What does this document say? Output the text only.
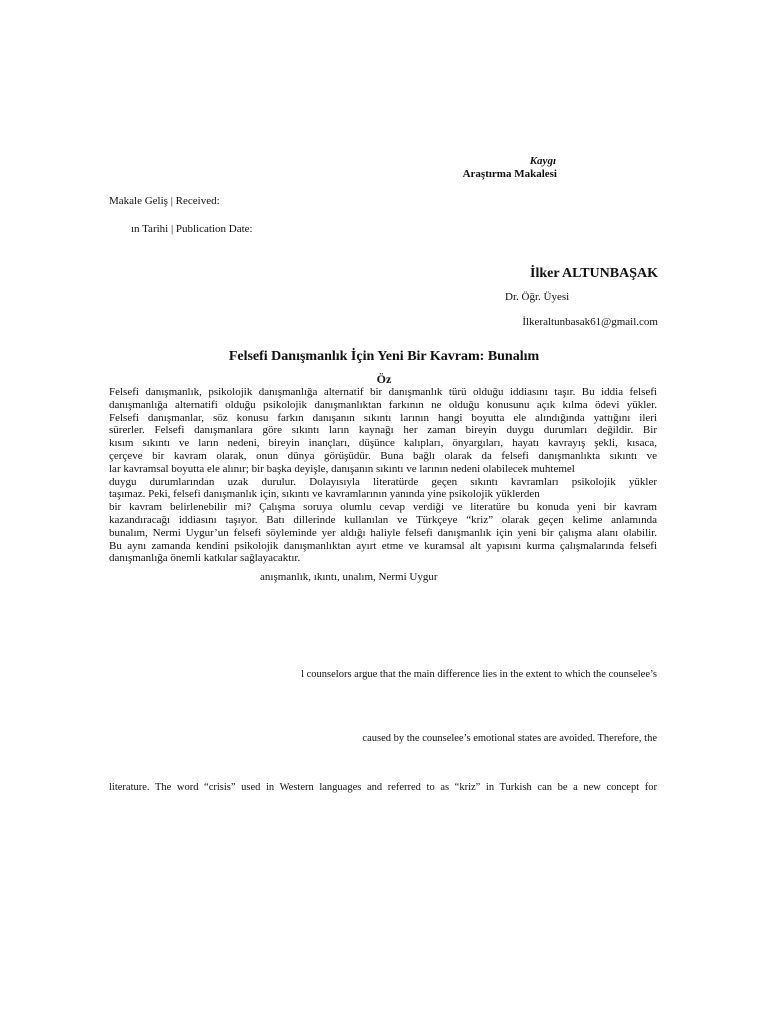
Kaygı
Araştırma Makalesi
Makale Geliş | Received:
ın Tarihi | Publication Date:
İlker ALTUNBAŞAK
Dr. Öğr. Üyesi
İlkeraltunbasak61@gmail.com
Felsefi Danışmanlık İçin Yeni Bir Kavram: Bunalım
Öz
Felsefi danışmanlık, psikolojik danışmanlığa alternatif bir danışmanlık türü olduğu iddiasını taşır. Bu iddia felsefi
danışmanlığa alternatifi olduğu psikolojik danışmanlıktan farkının ne olduğu konusunu açık kılma ödevi yükler.
Felsefi danışmanlar, söz konusu farkın danışanın sıkıntı larının hangi boyutta ele alındığında yattığını ileri
sürerler. Felsefi danışmanlara göre sıkıntı ların kaynağı her zaman bireyin duygu durumları değildir. Bir
kısım sıkıntı ve ların nedeni, bireyin inançları, düşünce kalıpları, önyargıları, hayatı kavrayış şekli, kısaca,
çerçeve bir kavram olarak, onun dünya görüşüdür. Buna bağlı olarak da felsefi danışmanlıkta sıkıntı ve
lar kavramsal boyutta ele alınır; bir başka deyişle, danışanın sıkıntı ve larının nedeni olabilecek muhtemel
duygu durumlarından uzak durulur. Dolayısıyla literatürde geçen sıkıntı kavramları psikolojik yükler
taşımaz. Peki, felsefi danışmanlık için, sıkıntı ve kavramlarının yanında yine psikolojik yüklerden
bir kavram belirlenebilir mi? Çalışma soruya olumlu cevap verdiği ve literatüre bu konuda yeni bir kavram
kazandıracağı iddiasını taşıyor. Batı dillerinde kullanılan ve Türkçeye “kriz” olarak geçen kelime anlamında
bunalım, Nermi Uygur’un felsefi söyleminde yer aldığı haliyle felsefi danışmanlık için yeni bir çalışma alanı olabilir.
Bu aynı zamanda kendini psikolojik danışmanlıktan ayırt etme ve kuramsal alt yapısını kurma çalışmalarında felsefi
danışmanlığa önemli katkılar sağlayacaktır.
anışmanlık, ıkıntı, unalım, Nermi Uygur
l counselors argue that the main difference lies in the extent to which the counselee’s
caused by the counselee’s emotional states are avoided. Therefore, the
literature. The word “crisis” used in Western languages and referred to as “kriz” in Turkish can be a new concept for
